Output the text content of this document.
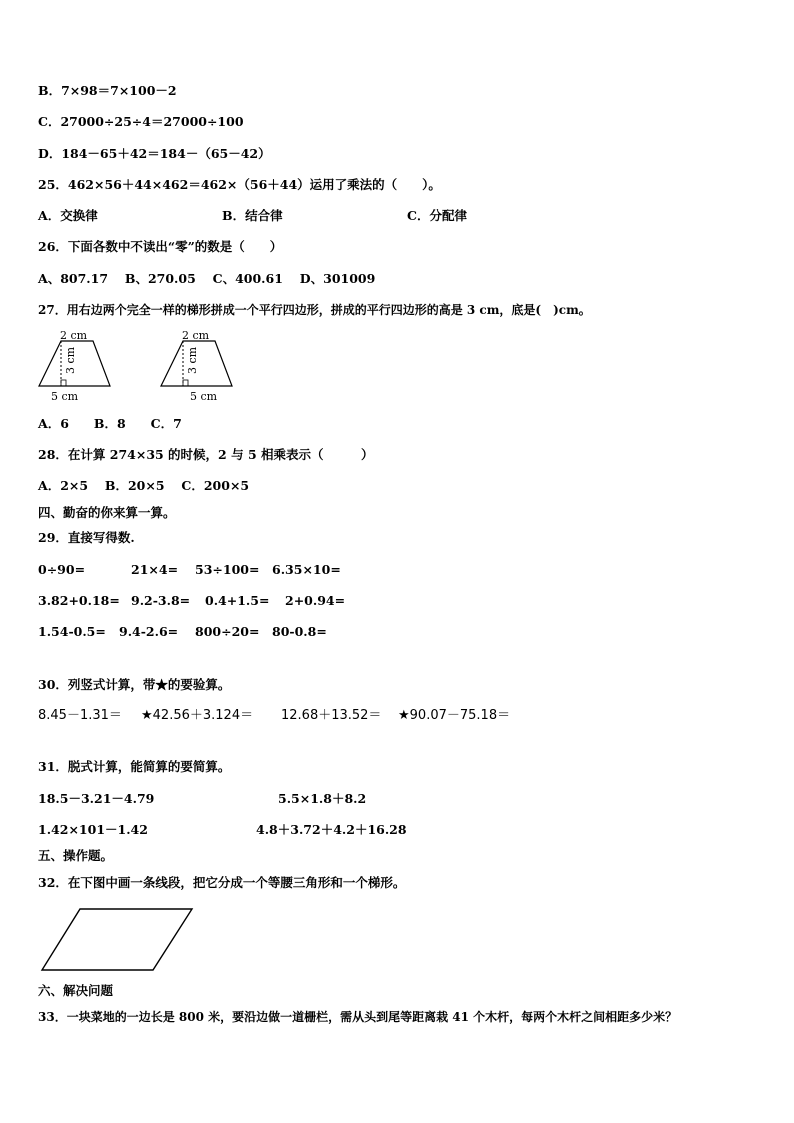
B．7×98＝7×100－2
C．27000÷25÷4＝27000÷100
D．184－65＋42＝184－（65－42）
25．462×56＋44×462＝462×（56＋44）运用了乘法的（　　）。
A．交换律	B．结合律	C．分配律
26．下面各数中不读出“零”的数是（　　）
A、807.17　 B、270.05　 C、400.61　 D、301009
27．用右边两个完全一样的梯形拼成一个平行四边形，拼成的平行四边形的高是 3 cm，底是(　)cm。
2 cm
3 cm
5 cm
2 cm
3 cm
5 cm
A．6　　B．8　　C．7
28．在计算 274×35 的时候，2 与 5 相乘表示（　　　）
A．2×5　 B．20×5　 C．200×5
四、勤奋的你来算一算。
29．直接写得数.
0÷90=	21×4= 53÷100= 6.35×10=
3.82+0.18= 9.2-3.8= 0.4+1.5= 2+0.94=
1.54-0.5= 9.4-2.6= 800÷20= 80-0.8=
30．列竖式计算，带★的要验算。
8.45－1.31＝ ★42.56＋3.124＝ 12.68＋13.52＝ ★90.07－75.18＝
31．脱式计算，能简算的要简算。
18.5－3.21－4.79	5.5×1.8＋8.2
1.42×101－1.42	4.8＋3.72＋4.2＋16.28
五、操作题。
32．在下图中画一条线段，把它分成一个等腰三角形和一个梯形。
六、解决问题
33．一块菜地的一边长是 800 米，要沿边做一道栅栏，需从头到尾等距离栽 41 个木杆，每两个木杆之间相距多少米？
